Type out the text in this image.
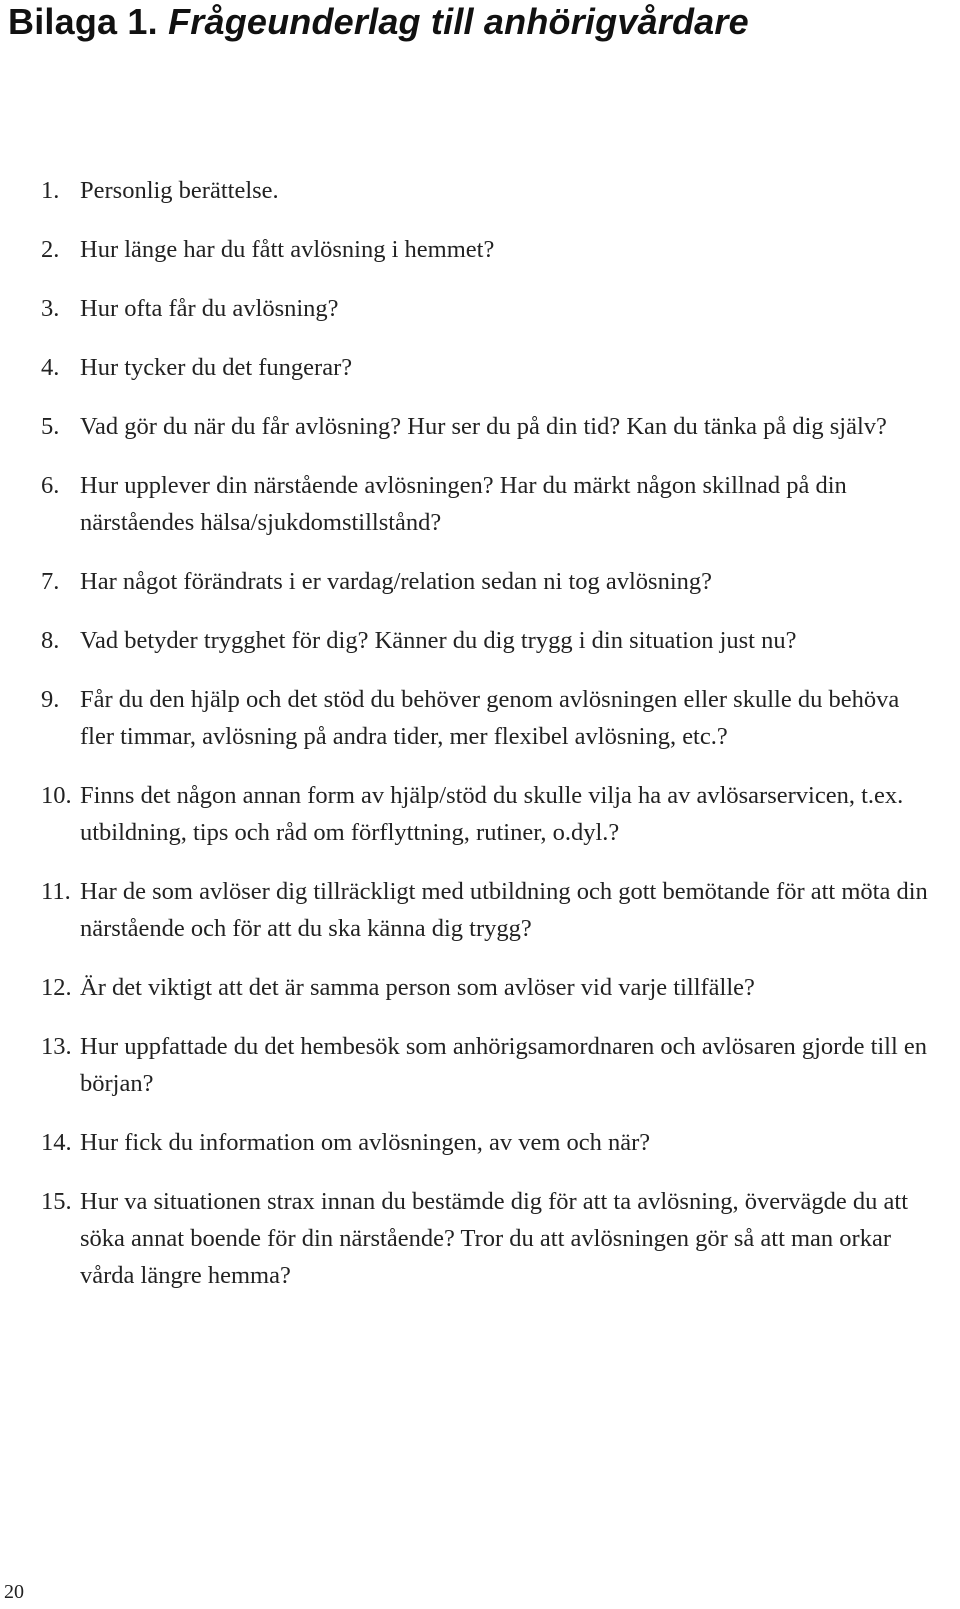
Bilaga 1. Frågeunderlag till anhörigvårdare
1. Personlig berättelse.
2. Hur länge har du fått avlösning i hemmet?
3. Hur ofta får du avlösning?
4. Hur tycker du det fungerar?
5. Vad gör du när du får avlösning? Hur ser du på din tid? Kan du tänka på dig själv?
6. Hur upplever din närstående avlösningen? Har du märkt någon skillnad på din närståendes hälsa/sjukdomstillstånd?
7. Har något förändrats i er vardag/relation sedan ni tog avlösning?
8. Vad betyder trygghet för dig? Känner du dig trygg i din situation just nu?
9. Får du den hjälp och det stöd du behöver genom avlösningen eller skulle du behöva fler timmar, avlösning på andra tider, mer flexibel avlösning, etc.?
10. Finns det någon annan form av hjälp/stöd du skulle vilja ha av avlösarservicen, t.ex. utbildning, tips och råd om förflyttning, rutiner, o.dyl.?
11. Har de som avlöser dig tillräckligt med utbildning och gott bemötande för att möta din närstående och för att du ska känna dig trygg?
12. Är det viktigt att det är samma person som avlöser vid varje tillfälle?
13. Hur uppfattade du det hembesök som anhörigsamordnaren och avlösaren gjorde till en början?
14. Hur fick du information om avlösningen, av vem och när?
15. Hur va situationen strax innan du bestämde dig för att ta avlösning, övervägde du att söka annat boende för din närstående? Tror du att avlösningen gör så att man orkar vårda längre hemma?
20
